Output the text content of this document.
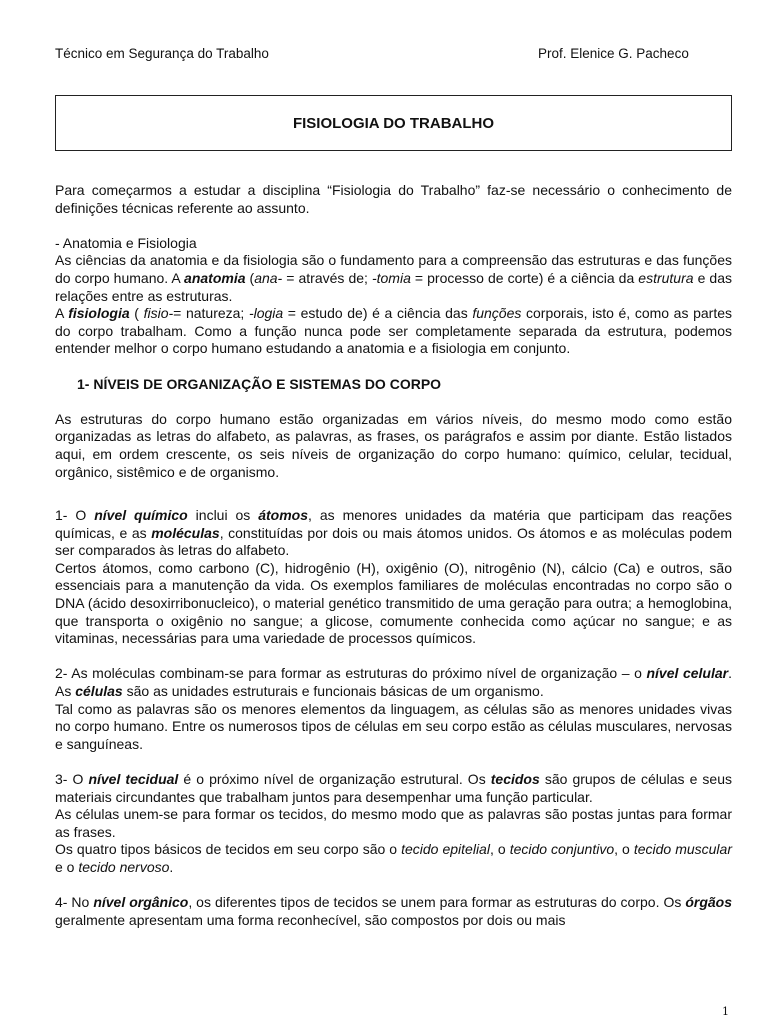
Técnico em Segurança do Trabalho	Prof. Elenice G. Pacheco
FISIOLOGIA DO TRABALHO

Para começarmos a estudar a disciplina “Fisiologia do Trabalho” faz-se necessário o conhecimento de definições técnicas referente ao assunto.

- Anatomia e Fisiologia

As ciências da anatomia e da fisiologia são o fundamento para a compreensão das estruturas e das funções do corpo humano. A anatomia (ana- = através de; -tomia = processo de corte) é a ciência da estrutura e das relações entre as estruturas.

A fisiologia ( fisio-= natureza; -logia = estudo de) é a ciência das funções corporais, isto é, como as partes do corpo trabalham. Como a função nunca pode ser completamente separada da estrutura, podemos entender melhor o corpo humano estudando a anatomia e a fisiologia em conjunto.

1- NÍVEIS DE ORGANIZAÇÃO E SISTEMAS DO CORPO

As estruturas do corpo humano estão organizadas em vários níveis, do mesmo modo como estão organizadas as letras do alfabeto, as palavras, as frases, os parágrafos e assim por diante. Estão listados aqui, em ordem crescente, os seis níveis de organização do corpo humano: químico, celular, tecidual, orgânico, sistêmico e de organismo.

1- O nível químico inclui os átomos, as menores unidades da matéria que participam das reações químicas, e as moléculas, constituídas por dois ou mais átomos unidos. Os átomos e as moléculas podem ser comparados às letras do alfabeto.

Certos átomos, como carbono (C), hidrogênio (H), oxigênio (O), nitrogênio (N), cálcio (Ca) e outros, são essenciais para a manutenção da vida. Os exemplos familiares de moléculas encontradas no corpo são o DNA (ácido desoxirribonucleico), o material genético transmitido de uma geração para outra; a hemoglobina, que transporta o oxigênio no sangue; a glicose, comumente conhecida como açúcar no sangue; e as vitaminas, necessárias para uma variedade de processos químicos.

2- As moléculas combinam-se para formar as estruturas do próximo nível de organização – o nível celular. As células são as unidades estruturais e funcionais básicas de um organismo.

Tal como as palavras são os menores elementos da linguagem, as células são as menores unidades vivas no corpo humano. Entre os numerosos tipos de células em seu corpo estão as células musculares, nervosas e sanguíneas.

3- O nível tecidual é o próximo nível de organização estrutural. Os tecidos são grupos de células e seus materiais circundantes que trabalham juntos para desempenhar uma função particular.

As células unem-se para formar os tecidos, do mesmo modo que as palavras são postas juntas para formar as frases.

Os quatro tipos básicos de tecidos em seu corpo são o tecido epitelial, o tecido conjuntivo, o tecido muscular e o tecido nervoso.

4- No nível orgânico, os diferentes tipos de tecidos se unem para formar as estruturas do corpo. Os órgãos geralmente apresentam uma forma reconhecível, são compostos por dois ou mais

1
